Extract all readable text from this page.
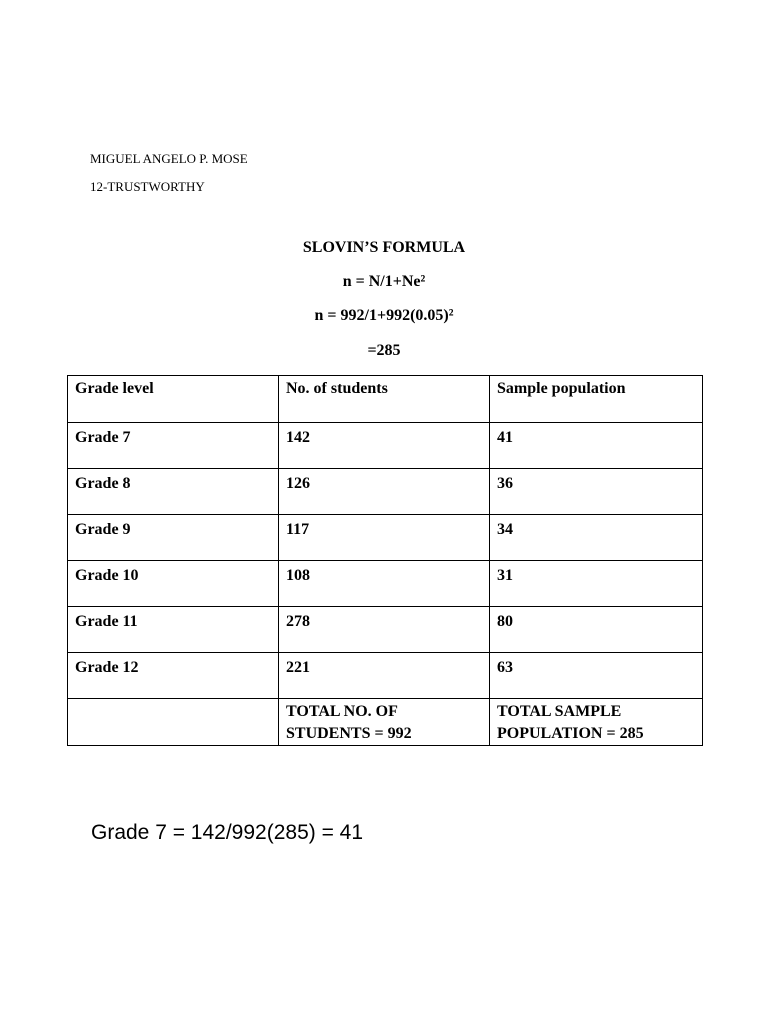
MIGUEL ANGELO P. MOSE
12-TRUSTWORTHY
SLOVIN’S FORMULA
n = N/1+Ne²
n = 992/1+992(0.05)²
=285
Grade level	No. of students	Sample population
Grade 7	142	41
Grade 8	126	36
Grade 9	117	34
Grade 10	108	31
Grade 11	278	80
Grade 12	221	63
	TOTAL NO. OF STUDENTS = 992	TOTAL SAMPLE POPULATION = 285
Grade 7 = 142/992(285) = 41
